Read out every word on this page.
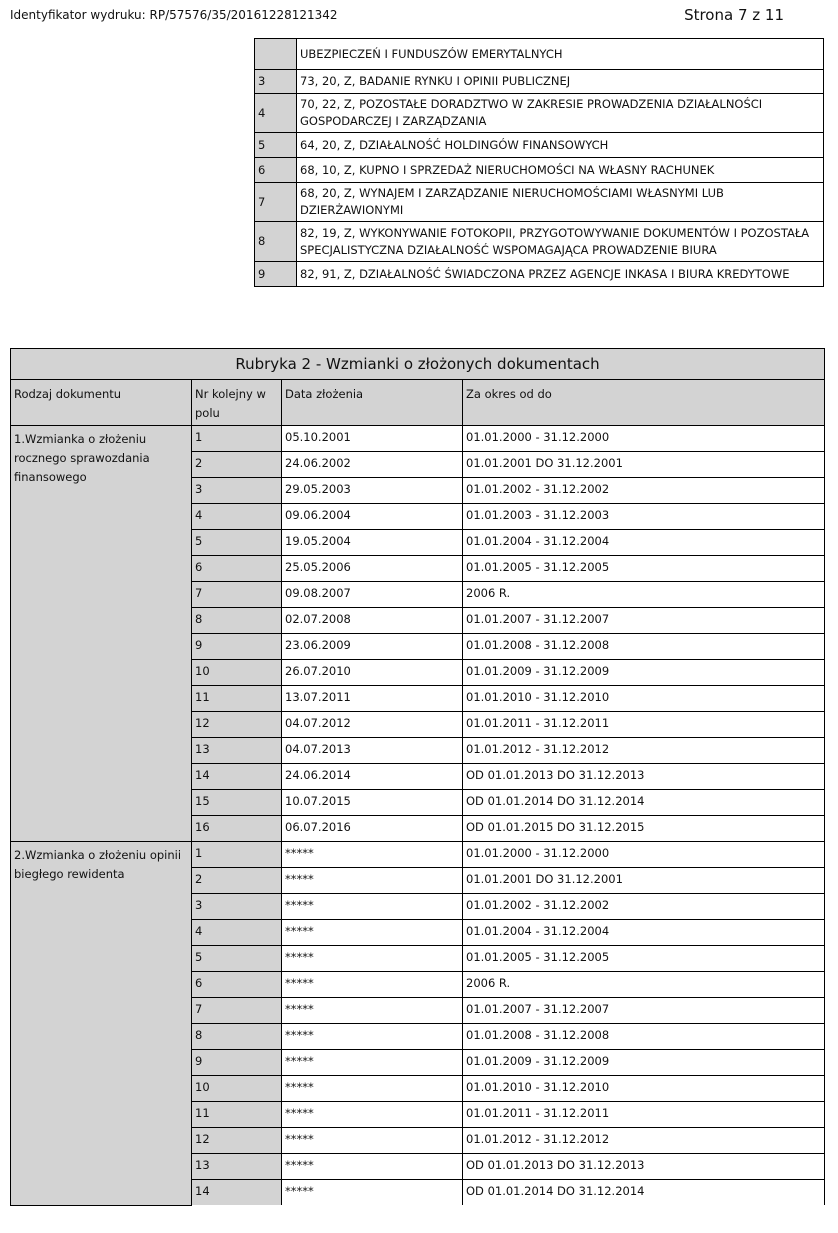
Identyfikator wydruku: RP/57576/35/20161228121342	Strona 7 z 11
	UBEZPIECZEŃ I FUNDUSZÓW EMERYTALNYCH
3	73, 20, Z, BADANIE RYNKU I OPINII PUBLICZNEJ
4	70, 22, Z, POZOSTAŁE DORADZTWO W ZAKRESIE PROWADZENIA DZIAŁALNOŚCI GOSPODARCZEJ I ZARZĄDZANIA
5	64, 20, Z, DZIAŁALNOŚĆ HOLDINGÓW FINANSOWYCH
6	68, 10, Z, KUPNO I SPRZEDAŻ NIERUCHOMOŚCI NA WŁASNY RACHUNEK
7	68, 20, Z, WYNAJEM I ZARZĄDZANIE NIERUCHOMOŚCIAMI WŁASNYMI LUB DZIERŻAWIONYMI
8	82, 19, Z, WYKONYWANIE FOTOKOPII, PRZYGOTOWYWANIE DOKUMENTÓW I POZOSTAŁA SPECJALISTYCZNA DZIAŁALNOŚĆ WSPOMAGAJĄCA PROWADZENIE BIURA
9	82, 91, Z, DZIAŁALNOŚĆ ŚWIADCZONA PRZEZ AGENCJE INKASA I BIURA KREDYTOWE
Rubryka 2 - Wzmianki o złożonych dokumentach			
Rodzaj dokumentu	Nr kolejny w polu	Data złożenia	Za okres od do
1.Wzmianka o złożeniu rocznego sprawozdania finansowego	1	05.10.2001	01.01.2000 - 31.12.2000
	2	24.06.2002	01.01.2001 DO 31.12.2001
	3	29.05.2003	01.01.2002 - 31.12.2002
	4	09.06.2004	01.01.2003 - 31.12.2003
	5	19.05.2004	01.01.2004 - 31.12.2004
	6	25.05.2006	01.01.2005 - 31.12.2005
	7	09.08.2007	2006 R.
	8	02.07.2008	01.01.2007 - 31.12.2007
	9	23.06.2009	01.01.2008 - 31.12.2008
	10	26.07.2010	01.01.2009 - 31.12.2009
	11	13.07.2011	01.01.2010 - 31.12.2010
	12	04.07.2012	01.01.2011 - 31.12.2011
	13	04.07.2013	01.01.2012 - 31.12.2012
	14	24.06.2014	OD 01.01.2013 DO 31.12.2013
	15	10.07.2015	OD 01.01.2014 DO 31.12.2014
	16	06.07.2016	OD 01.01.2015 DO 31.12.2015
2.Wzmianka o złożeniu opinii biegłego rewidenta	1	*****	01.01.2000 - 31.12.2000
	2	*****	01.01.2001 DO 31.12.2001
	3	*****	01.01.2002 - 31.12.2002
	4	*****	01.01.2004 - 31.12.2004
	5	*****	01.01.2005 - 31.12.2005
	6	*****	2006 R.
	7	*****	01.01.2007 - 31.12.2007
	8	*****	01.01.2008 - 31.12.2008
	9	*****	01.01.2009 - 31.12.2009
	10	*****	01.01.2010 - 31.12.2010
	11	*****	01.01.2011 - 31.12.2011
	12	*****	01.01.2012 - 31.12.2012
	13	*****	OD 01.01.2013 DO 31.12.2013
	14	*****	OD 01.01.2014 DO 31.12.2014
